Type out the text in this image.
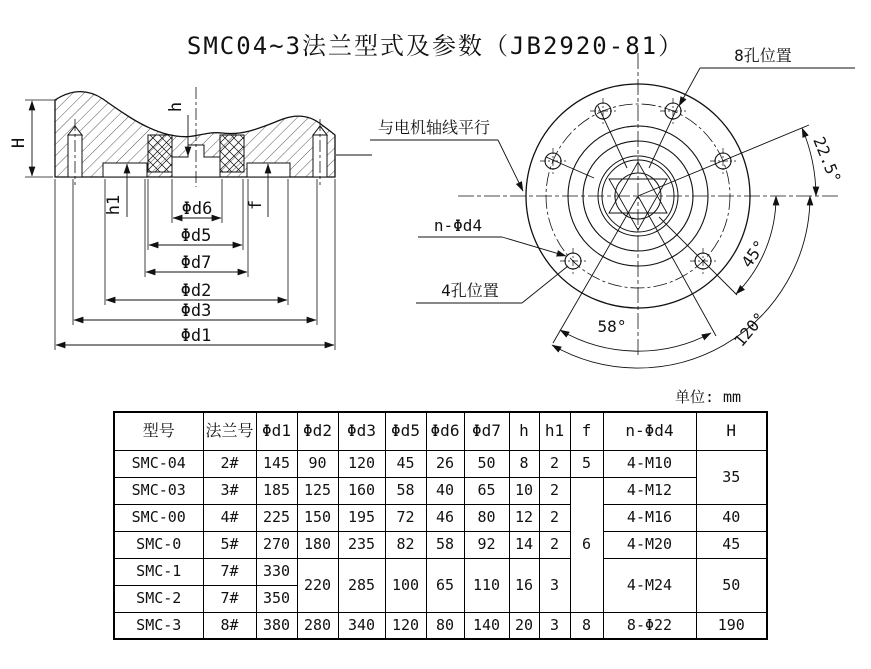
SMC04~3法兰型式及参数（JB2920-81）
H
h
h1	f
Φd6
Φd5
Φd7
Φd2
Φd3
Φd1
22.5°
45°
58°	120°
8孔位置
与电机轴线平行
n-Φd4
4孔位置
单位: mm
型号	法兰号	Φd1	Φd2	Φd3	Φd5	Φd6	Φd7	h	h1	f	n-Φd4	H
SMC-04	2#	145	90	120	45	26	50	8	2	5	4-M10	35
SMC-03	3#	185	125	160	58	40	65	10	2	6	4-M12	
SMC-00	4#	225	150	195	72	46	80	12	2		4-M16	40
SMC-0	5#	270	180	235	82	58	92	14	2		4-M20	45
SMC-1	7#	330	220	285	100	65	110	16	3		4-M24	50
SMC-2	7#	350										
SMC-3	8#	380	280	340	120	80	140	20	3	8	8-Φ22	190
